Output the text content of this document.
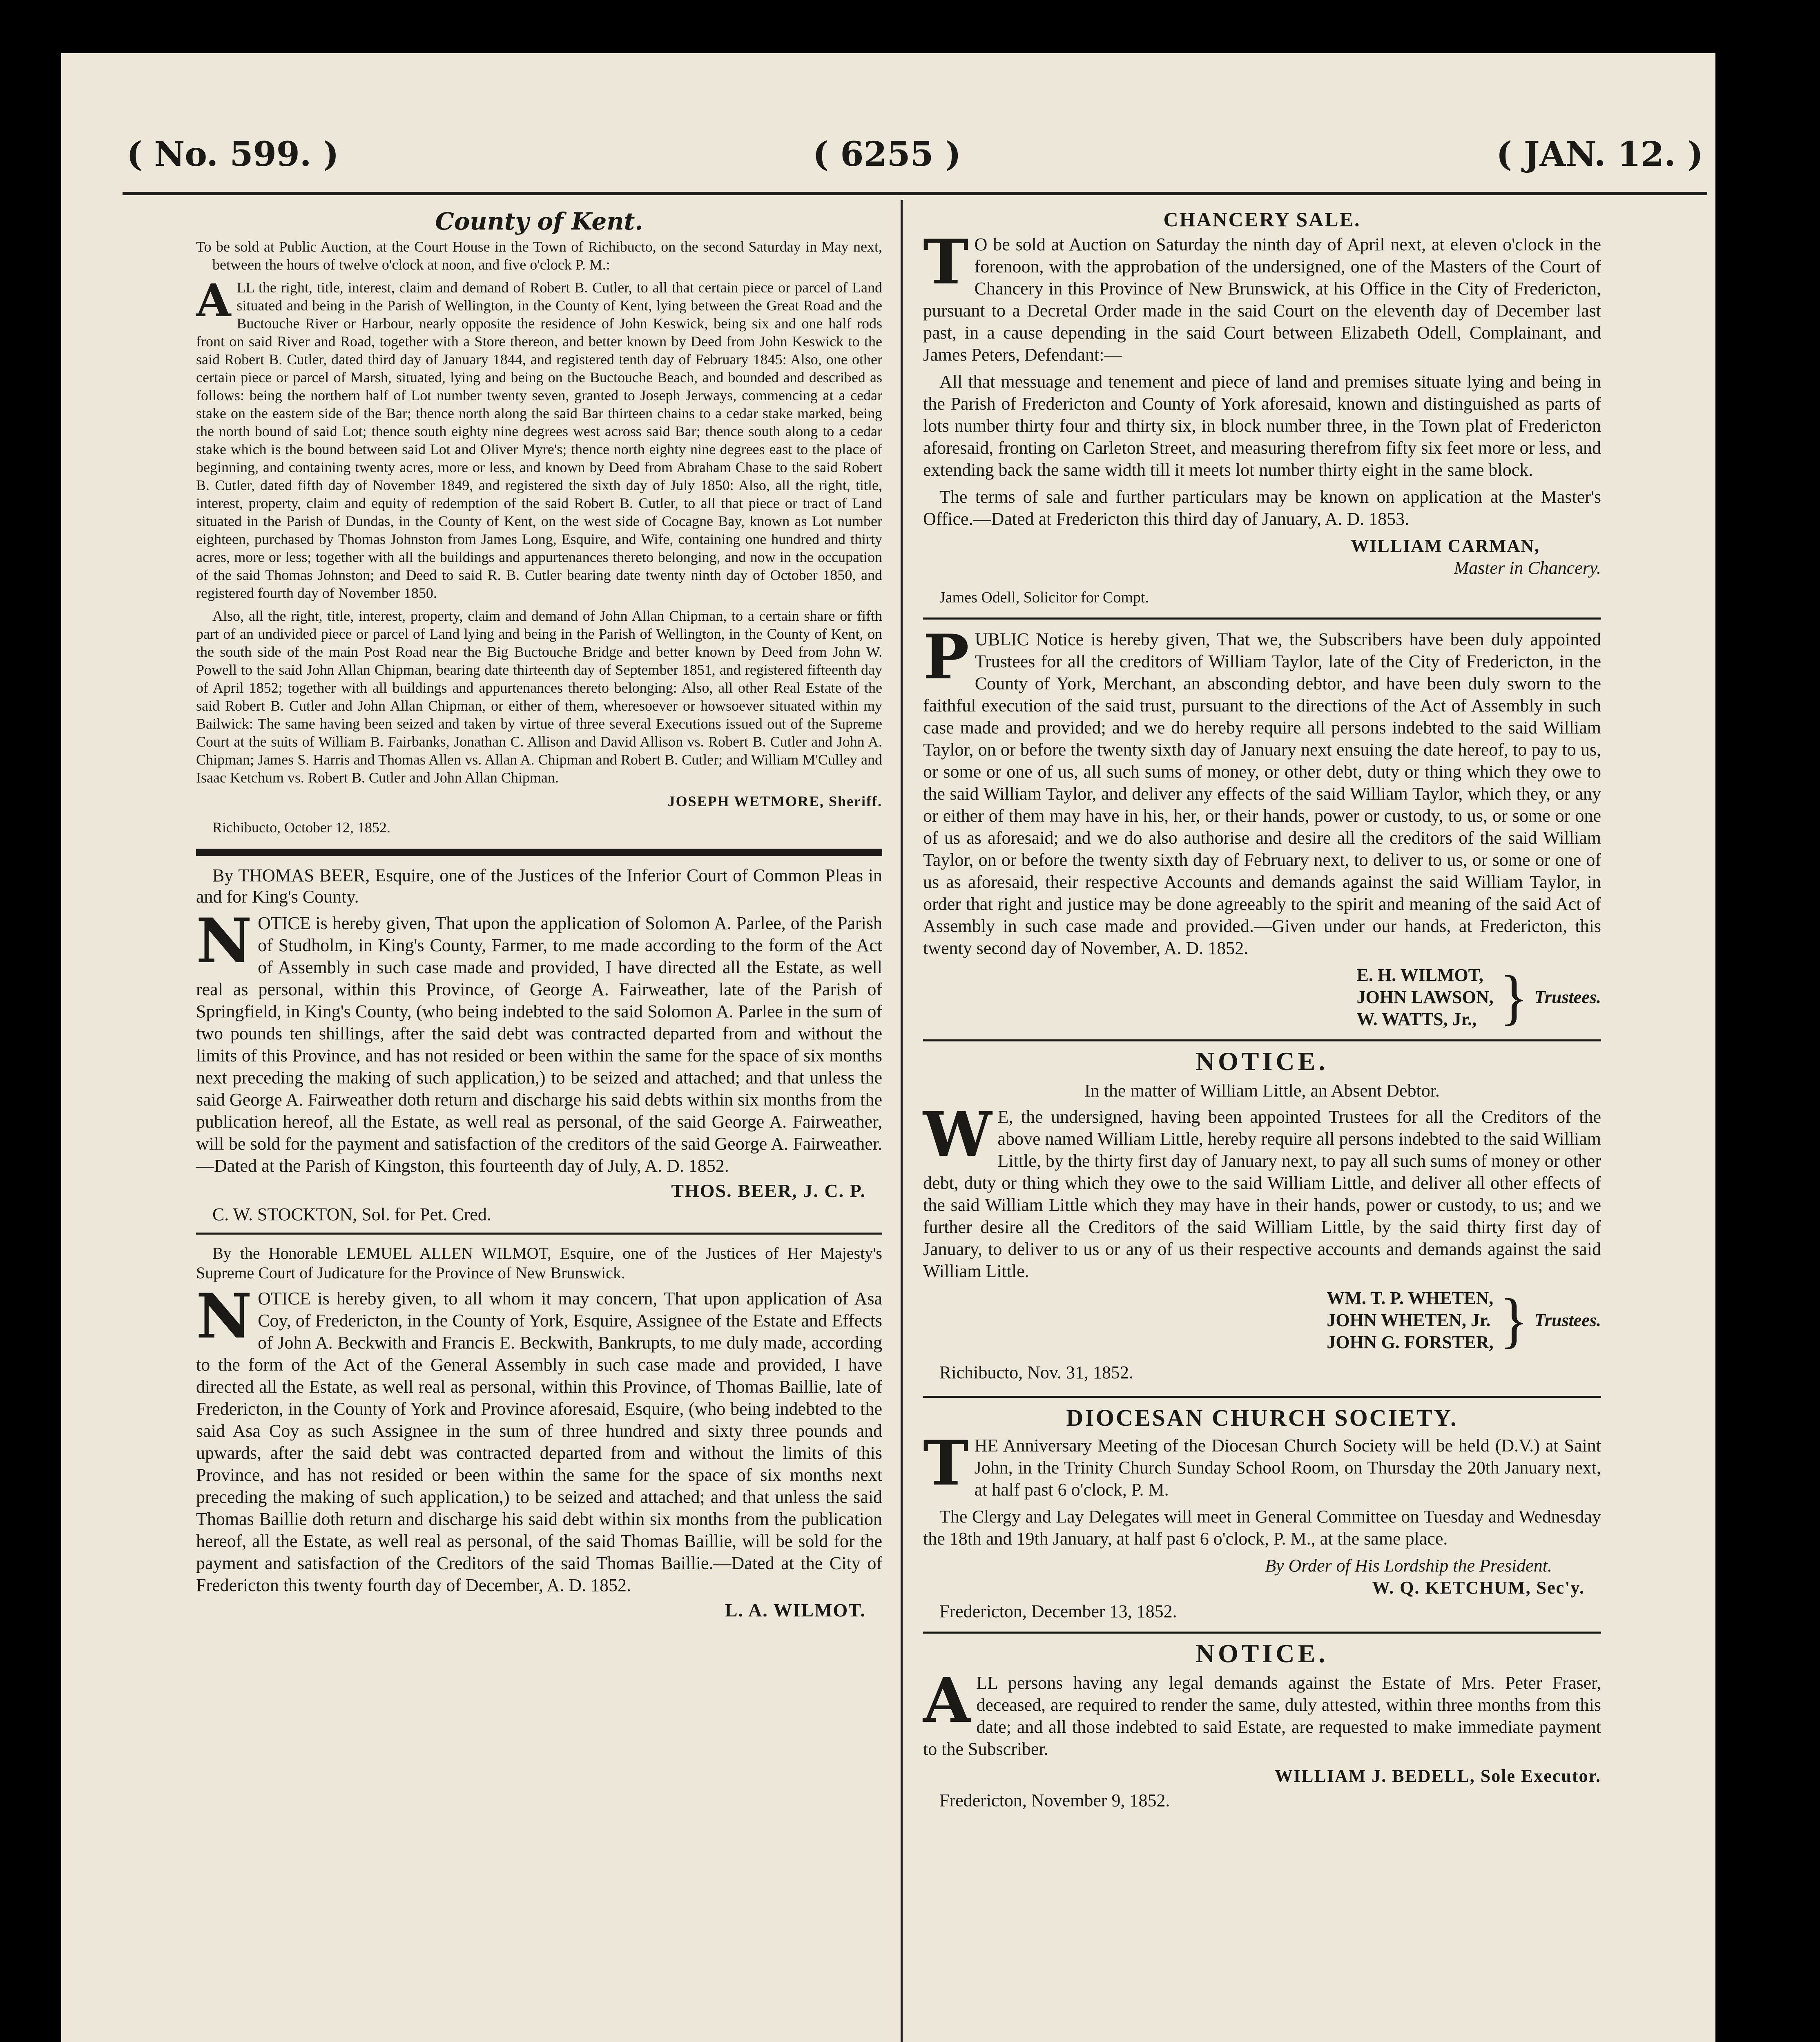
( No. 599. )	( 6255 )	( JAN. 12. )
County of Kent.

To be sold at Public Auction, at the Court House in the Town of Richibucto, on the second Saturday in May next, between the hours of twelve o'clock at noon, and five o'clock P. M.:

ALL the right, title, interest, claim and demand of Robert B. Cutler, to all that certain piece or parcel of Land situated and being in the Parish of Wellington, in the County of Kent, lying between the Great Road and the Buctouche River or Harbour, nearly opposite the residence of John Keswick, being six and one half rods front on said River and Road, together with a Store thereon, and better known by Deed from John Keswick to the said Robert B. Cutler, dated third day of January 1844, and registered tenth day of February 1845: Also, one other certain piece or parcel of Marsh, situated, lying and being on the Buctouche Beach, and bounded and described as follows: being the northern half of Lot number twenty seven, granted to Joseph Jerways, commencing at a cedar stake on the eastern side of the Bar; thence north along the said Bar thirteen chains to a cedar stake marked, being the north bound of said Lot; thence south eighty nine degrees west across said Bar; thence south along to a cedar stake which is the bound between said Lot and Oliver Myre's; thence north eighty nine degrees east to the place of beginning, and containing twenty acres, more or less, and known by Deed from Abraham Chase to the said Robert B. Cutler, dated fifth day of November 1849, and registered the sixth day of July 1850: Also, all the right, title, interest, property, claim and equity of redemption of the said Robert B. Cutler, to all that piece or tract of Land situated in the Parish of Dundas, in the County of Kent, on the west side of Cocagne Bay, known as Lot number eighteen, purchased by Thomas Johnston from James Long, Esquire, and Wife, containing one hundred and thirty acres, more or less; together with all the buildings and appurtenances thereto belonging, and now in the occupation of the said Thomas Johnston; and Deed to said R. B. Cutler bearing date twenty ninth day of October 1850, and registered fourth day of November 1850.

Also, all the right, title, interest, property, claim and demand of John Allan Chipman, to a certain share or fifth part of an undivided piece or parcel of Land lying and being in the Parish of Wellington, in the County of Kent, on the south side of the main Post Road near the Big Buctouche Bridge and better known by Deed from John W. Powell to the said John Allan Chipman, bearing date thirteenth day of September 1851, and registered fifteenth day of April 1852; together with all buildings and appurtenances thereto belonging: Also, all other Real Estate of the said Robert B. Cutler and John Allan Chipman, or either of them, wheresoever or howsoever situated within my Bailwick: The same having been seized and taken by virtue of three several Executions issued out of the Supreme Court at the suits of William B. Fairbanks, Jonathan C. Allison and David Allison vs. Robert B. Cutler and John A. Chipman; James S. Harris and Thomas Allen vs. Allan A. Chipman and Robert B. Cutler; and William M'Culley and Isaac Ketchum vs. Robert B. Cutler and John Allan Chipman.

JOSEPH WETMORE, Sheriff.
Richibucto, October 12, 1852.

By THOMAS BEER, Esquire, one of the Justices of the Inferior Court of Common Pleas in and for King's County.

NOTICE is hereby given, That upon the application of Solomon A. Parlee, of the Parish of Studholm, in King's County, Farmer, to me made according to the form of the Act of Assembly in such case made and provided, I have directed all the Estate, as well real as personal, within this Province, of George A. Fairweather, late of the Parish of Springfield, in King's County, (who being indebted to the said Solomon A. Parlee in the sum of two pounds ten shillings, after the said debt was contracted departed from and without the limits of this Province, and has not resided or been within the same for the space of six months next preceding the making of such application,) to be seized and attached; and that unless the said George A. Fairweather doth return and discharge his said debts within six months from the publication hereof, all the Estate, as well real as personal, of the said George A. Fairweather, will be sold for the payment and satisfaction of the creditors of the said George A. Fairweather.—Dated at the Parish of Kingston, this fourteenth day of July, A. D. 1852.

THOS. BEER, J. C. P.
C. W. STOCKTON, Sol. for Pet. Cred.

By the Honorable LEMUEL ALLEN WILMOT, Esquire, one of the Justices of Her Majesty's Supreme Court of Judicature for the Province of New Brunswick.

NOTICE is hereby given, to all whom it may concern, That upon application of Asa Coy, of Fredericton, in the County of York, Esquire, Assignee of the Estate and Effects of John A. Beckwith and Francis E. Beckwith, Bankrupts, to me duly made, according to the form of the Act of the General Assembly in such case made and provided, I have directed all the Estate, as well real as personal, within this Province, of Thomas Baillie, late of Fredericton, in the County of York and Province aforesaid, Esquire, (who being indebted to the said Asa Coy as such Assignee in the sum of three hundred and sixty three pounds and upwards, after the said debt was contracted departed from and without the limits of this Province, and has not resided or been within the same for the space of six months next preceding the making of such application,) to be seized and attached; and that unless the said Thomas Baillie doth return and discharge his said debt within six months from the publication hereof, all the Estate, as well real as personal, of the said Thomas Baillie, will be sold for the payment and satisfaction of the Creditors of the said Thomas Baillie.—Dated at the City of Fredericton this twenty fourth day of December, A. D. 1852.

L. A. WILMOT.
CHANCERY SALE.

T O be sold at Auction on Saturday the ninth day of April next, at eleven o'clock in the forenoon, with the approbation of the undersigned, one of the Masters of the Court of Chancery in this Province of New Brunswick, at his Office in the City of Fredericton, pursuant to a Decretal Order made in the said Court on the eleventh day of December last past, in a cause depending in the said Court between Elizabeth Odell, Complainant, and James Peters, Defendant:—

All that messuage and tenement and piece of land and premises situate lying and being in the Parish of Fredericton and County of York aforesaid, known and distinguished as parts of lots number thirty four and thirty six, in block number three, in the Town plat of Fredericton aforesaid, fronting on Carleton Street, and measuring therefrom fifty six feet more or less, and extending back the same width till it meets lot number thirty eight in the same block.

The terms of sale and further particulars may be known on application at the Master's Office.—Dated at Fredericton this third day of January, A. D. 1853.

WILLIAM CARMAN,
Master in Chancery.
James Odell, Solicitor for Compt.

PUBLIC Notice is hereby given, That we, the Subscribers have been duly appointed Trustees for all the creditors of William Taylor, late of the City of Fredericton, in the County of York, Merchant, an absconding debtor, and have been duly sworn to the faithful execution of the said trust, pursuant to the directions of the Act of Assembly in such case made and provided; and we do hereby require all persons indebted to the said William Taylor, on or before the twenty sixth day of January next ensuing the date hereof, to pay to us, or some or one of us, all such sums of money, or other debt, duty or thing which they owe to the said William Taylor, and deliver any effects of the said William Taylor, which they, or any or either of them may have in his, her, or their hands, power or custody, to us, or some or one of us as aforesaid; and we do also authorise and desire all the creditors of the said William Taylor, on or before the twenty sixth day of February next, to deliver to us, or some or one of us as aforesaid, their respective Accounts and demands against the said William Taylor, in order that right and justice may be done agreeably to the spirit and meaning of the said Act of Assembly in such case made and provided.—Given under our hands, at Fredericton, this twenty second day of November, A. D. 1852.

E. H. WILMOT,
JOHN LAWSON,
W. WATTS, Jr., } Trustees.
NOTICE.
In the matter of William Little, an Absent Debtor.

W E, the undersigned, having been appointed Trustees for all the Creditors of the above named William Little, hereby require all persons indebted to the said William Little, by the thirty first day of January next, to pay all such sums of money or other debt, duty or thing which they owe to the said William Little, and deliver all other effects of the said William Little which they may have in their hands, power or custody, to us; and we further desire all the Creditors of the said William Little, by the said thirty first day of January, to deliver to us or any of us their respective accounts and demands against the said William Little.

WM. T. P. WHETEN,
JOHN WHETEN, Jr.
JOHN G. FORSTER, } Trustees.
Richibucto, Nov. 31, 1852.
DIOCESAN CHURCH SOCIETY.

THE Anniversary Meeting of the Diocesan Church Society will be held (D.V.) at Saint John, in the Trinity Church Sunday School Room, on Thursday the 20th January next, at half past 6 o'clock, P. M.

The Clergy and Lay Delegates will meet in General Committee on Tuesday and Wednesday the 18th and 19th January, at half past 6 o'clock, P. M., at the same place.

By Order of His Lordship the President.
W. Q. KETCHUM, Sec'y.
Fredericton, December 13, 1852.
NOTICE.

ALL persons having any legal demands against the Estate of Mrs. Peter Fraser, deceased, are required to render the same, duly attested, within three months from this date; and all those indebted to said Estate, are requested to make immediate payment to the Subscriber.

WILLIAM J. BEDELL, Sole Executor.
Fredericton, November 9, 1852.
